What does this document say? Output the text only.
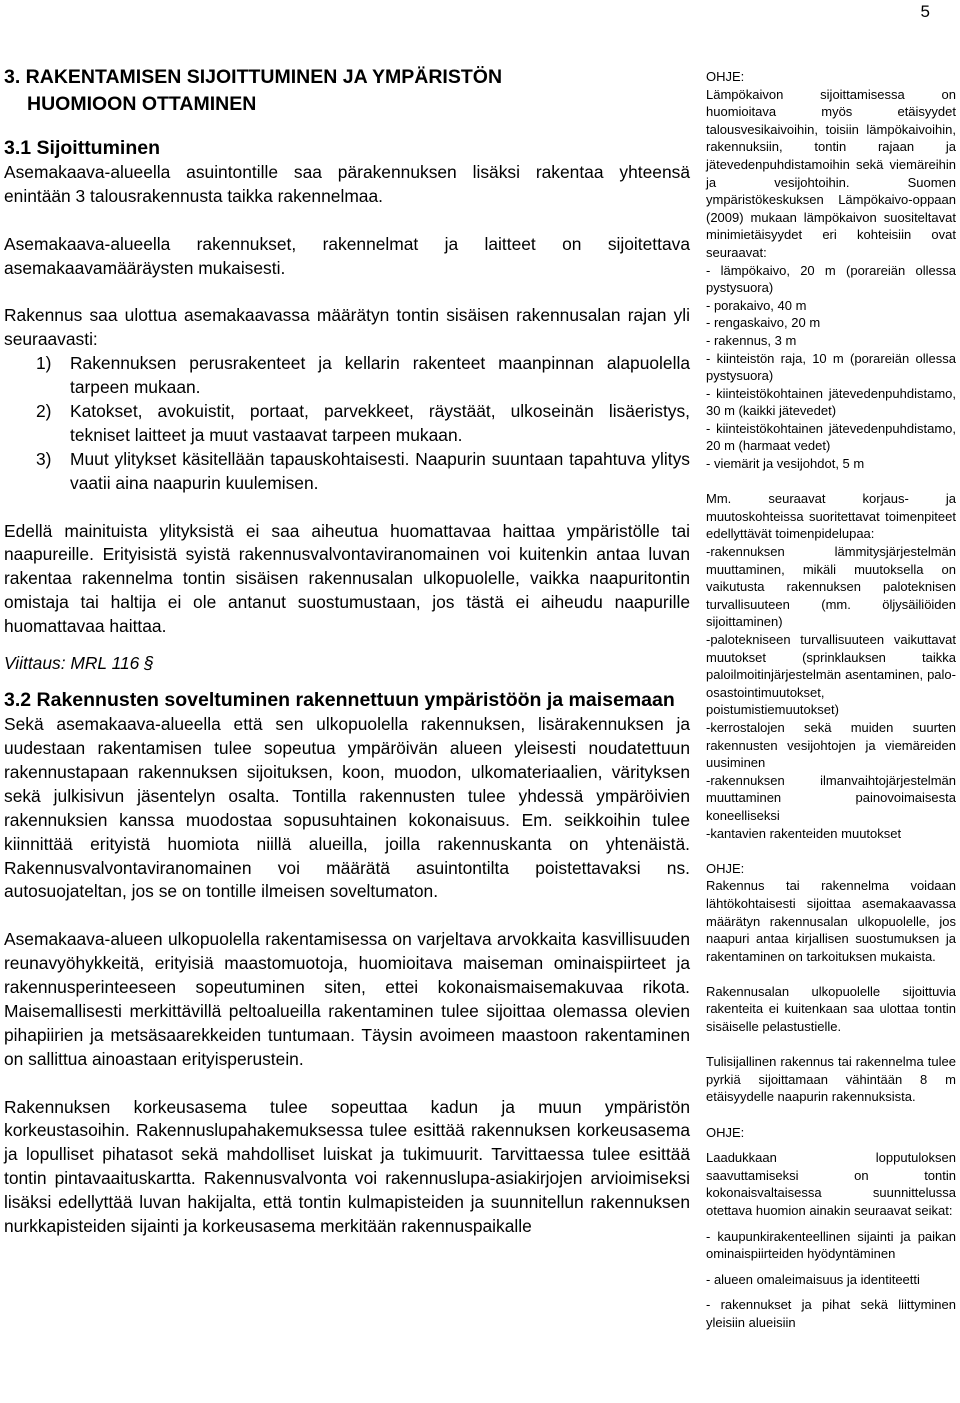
5

3. RAKENTAMISEN SIJOITTUMINEN JA YMPÄRISTÖN
HUOMIOON OTTAMINEN

3.1 Sijoittuminen

Asemakaava-alueella asuintontille saa pärakennuksen lisäksi rakentaa yhteensä enintään 3 talousrakennusta taikka rakennelmaa.

Asemakaava-alueella rakennukset, rakennelmat ja laitteet on sijoitettava asemakaavamääräysten mukaisesti.

Rakennus saa ulottua asemakaavassa määrätyn tontin sisäisen rakennusalan rajan yli seuraavasti:

1)	Rakennuksen perusrakenteet ja kellarin rakenteet maanpinnan alapuolella tarpeen mukaan.
2)	Katokset, avokuistit, portaat, parvekkeet, räystäät, ulkoseinän lisäeristys, tekniset laitteet ja muut vastaavat tarpeen mukaan.
3)	Muut ylitykset käsitellään tapauskohtaisesti. Naapurin suuntaan tapahtuva ylitys vaatii aina naapurin kuulemisen.

Edellä mainituista ylityksistä ei saa aiheutua huomattavaa haittaa ympäristölle tai naapureille. Erityisistä syistä rakennusvalvontaviranomainen voi kuitenkin antaa luvan rakentaa rakennelma tontin sisäisen rakennusalan ulkopuolelle, vaikka naapuritontin omistaja tai haltija ei ole antanut suostumustaan, jos tästä ei aiheudu naapurille huomattavaa haittaa.

Viittaus: MRL 116 §

3.2 Rakennusten soveltuminen rakennettuun ympäristöön ja maisemaan

Sekä asemakaava-alueella että sen ulkopuolella rakennuksen, lisärakennuksen ja uudestaan rakentamisen tulee sopeutua ympäröivän alueen yleisesti noudatettuun rakennustapaan rakennuksen sijoituksen, koon, muodon, ulkomateriaalien, värityksen sekä julkisivun jäsentelyn osalta. Tontilla rakennusten tulee yhdessä ympäröivien rakennuksien kanssa muodostaa sopusuhtainen kokonaisuus. Em. seikkoihin tulee kiinnittää erityistä huomiota niillä alueilla, joilla rakennuskanta on yhtenäistä. Rakennusvalvontaviranomainen voi määrätä asuintontilta poistettavaksi ns. autosuojateltan, jos se on tontille ilmeisen soveltumaton.

Asemakaava-alueen ulkopuolella rakentamisessa on varjeltava arvokkaita kasvillisuuden reunavyöhykkeitä, erityisiä maastomuotoja, huomioitava maiseman ominaispiirteet ja rakennusperinteeseen sopeutuminen siten, ettei kokonaismaisemakuvaa rikota. Maisemallisesti merkittävillä peltoalueilla rakentaminen tulee sijoittaa olemassa olevien pihapiirien ja metsäsaarekkeiden tuntumaan. Täysin avoimeen maastoon rakentaminen on sallittua ainoastaan erityisperustein.

Rakennuksen korkeusasema tulee sopeuttaa kadun ja muun ympäristön korkeustasoihin. Rakennuslupahakemuksessa tulee esittää rakennuksen korkeusasema ja lopulliset pihatasot sekä mahdolliset luiskat ja tukimuurit. Tarvittaessa tulee esittää tontin pintavaaituskartta. Rakennusvalvonta voi rakennuslupa-asiakirjojen arvioimiseksi lisäksi edellyttää luvan hakijalta, että tontin kulmapisteiden ja suunnitellun rakennuksen nurkkapisteiden sijainti ja korkeusasema merkitään rakennuspaikalle

OHJE:

Lämpökaivon sijoittamisessa on huomioitava myös etäisyydet talousvesikaivoihin, toisiin lämpökaivoihin, rakennuksiin, tontin rajaan ja jätevedenpuhdistamoihin sekä viemäreihin ja vesijohtoihin. Suomen ympäristökeskuksen Lämpökaivo-oppaan (2009) mukaan lämpökaivon suositeltavat minimietäisyydet eri kohteisiin ovat seuraavat:

- lämpökaivo, 20 m (porareiän ollessa pystysuora)

- porakaivo, 40 m

- rengaskaivo, 20 m

- rakennus, 3 m

- kiinteistön raja, 10 m (porareiän ollessa pystysuora)

- kiinteistökohtainen jätevedenpuhdistamo, 30 m (kaikki jätevedet)

- kiinteistökohtainen jätevedenpuhdistamo, 20 m (harmaat vedet)

- viemärit ja vesijohdot, 5 m

Mm. seuraavat korjaus- ja muutoskohteissa suoritettavat toimenpiteet edellyttävät toimenpidelupaa:

-rakennuksen lämmitysjärjestelmän muuttaminen, mikäli muutoksella on vaikutusta rakennuksen paloteknisen turvallisuuteen (mm. öljysäiliöiden sijoittaminen)

-palotekniseen turvallisuuteen vaikuttavat muutokset (sprinklauksen taikka paloilmoitinjärjestelmän asentaminen, palo-osastointimuutokset, poistumistiemuutokset)

-kerrostalojen sekä muiden suurten rakennusten vesijohtojen ja viemäreiden uusiminen

-rakennuksen ilmanvaihtojärjestelmän muuttaminen painovoimaisesta koneelliseksi

-kantavien rakenteiden muutokset

OHJE:

Rakennus tai rakennelma voidaan lähtökohtaisesti sijoittaa asemakaavassa määrätyn rakennusalan ulkopuolelle, jos naapuri antaa kirjallisen suostumuksen ja rakentaminen on tarkoituksen mukaista.

Rakennusalan ulkopuolelle sijoittuvia rakenteita ei kuitenkaan saa ulottaa tontin sisäiselle pelastustielle.

Tulisijallinen rakennus tai rakennelma tulee pyrkiä sijoittamaan vähintään 8 m etäisyydelle naapurin rakennuksista.

OHJE:

Laadukkaan lopputuloksen saavuttamiseksi on tontin kokonaisvaltaisessa suunnittelussa otettava huomion ainakin seuraavat seikat:

- kaupunkirakenteellinen sijainti ja paikan ominaispiirteiden hyödyntäminen

- alueen omaleimaisuus ja identiteetti

- rakennukset ja pihat sekä liittyminen yleisiin alueisiin
